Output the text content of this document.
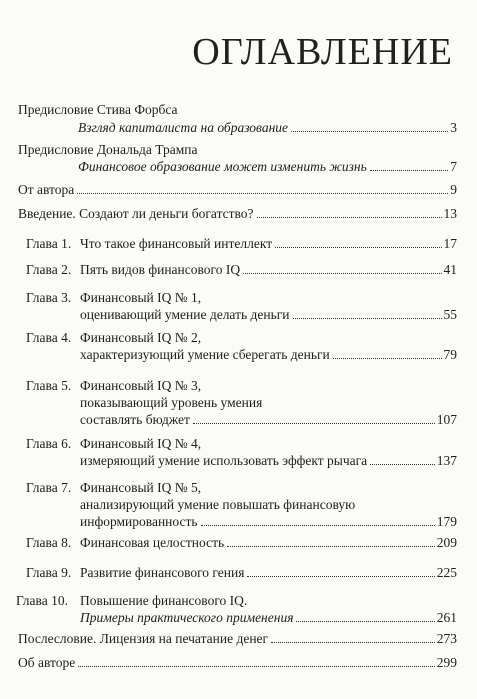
ОГЛАВЛЕНИЕ
Предисловие Стива Форбса
Взгляд капиталиста на образование	3
Предисловие Дональда Трампа
Финансовое образование может изменить жизнь	7
От автора	9
Введение. Создают ли деньги богатство?	13
Глава 1. Что такое финансовый интеллект	17
Глава 2. Пять видов финансового IQ	41
Глава 3. Финансовый IQ № 1,
оценивающий умение делать деньги	55
Глава 4. Финансовый IQ № 2,
характеризующий умение сберегать деньги	79
Глава 5. Финансовый IQ № 3,
показывающий уровень умения
составлять бюджет	107
Глава 6. Финансовый IQ № 4,
измеряющий умение использовать эффект рычага	137
Глава 7. Финансовый IQ № 5,
анализирующий умение повышать финансовую
информированность	179
Глава 8. Финансовая целостность	209
Глава 9. Развитие финансового гения	225
Глава 10. Повышение финансового IQ.
Примеры практического применения	261
Послесловие. Лицензия на печатание денег	273
Об авторе	299
